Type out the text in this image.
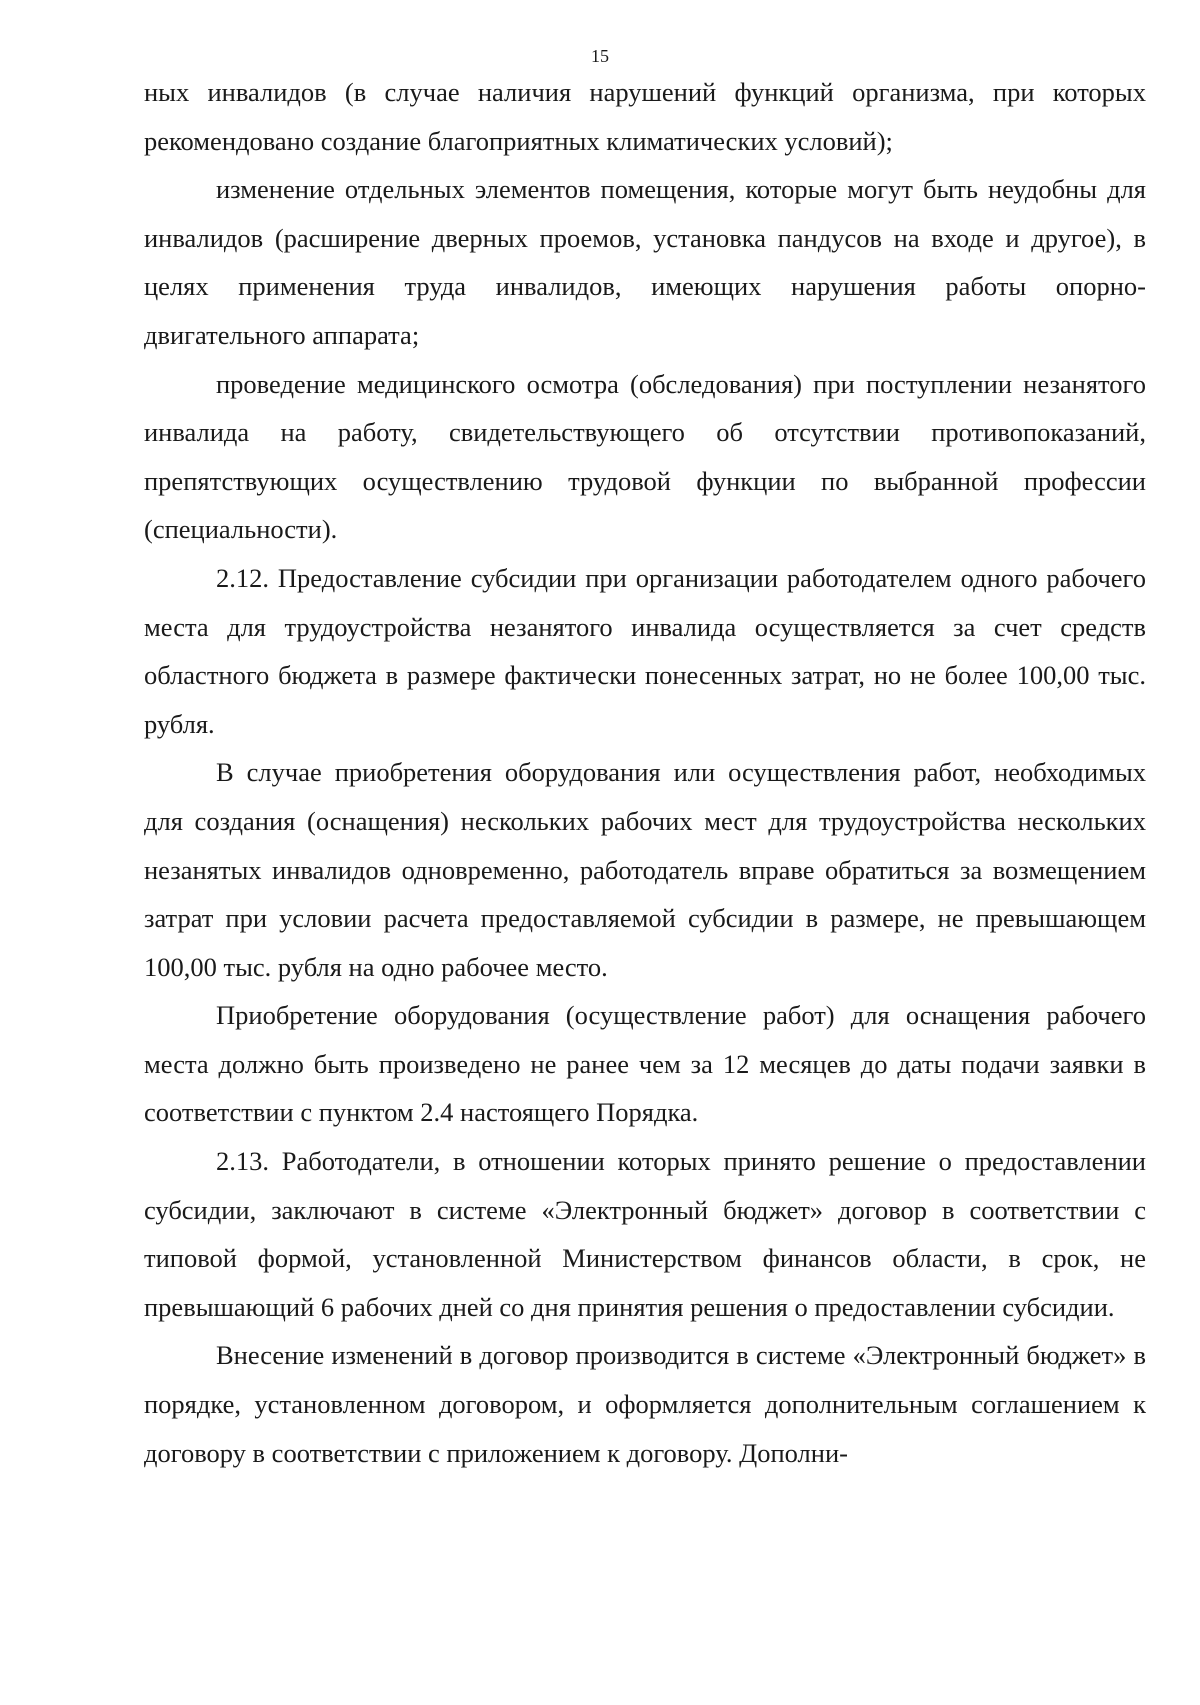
15

ных инвалидов (в случае наличия нарушений функций организма, при которых рекомендовано создание благоприятных климатических условий);

изменение отдельных элементов помещения, которые могут быть неудобны для инвалидов (расширение дверных проемов, установка пандусов на входе и другое), в целях применения труда инвалидов, имеющих нарушения работы опорно-двигательного аппарата;

проведение медицинского осмотра (обследования) при поступлении незанятого инвалида на работу, свидетельствующего об отсутствии противопоказаний, препятствующих осуществлению трудовой функции по выбранной профессии (специальности).

2.12. Предоставление субсидии при организации работодателем одного рабочего места для трудоустройства незанятого инвалида осуществляется за счет средств областного бюджета в размере фактически понесенных затрат, но не более 100,00 тыс. рубля.

В случае приобретения оборудования или осуществления работ, необходимых для создания (оснащения) нескольких рабочих мест для трудоустройства нескольких незанятых инвалидов одновременно, работодатель вправе обратиться за возмещением затрат при условии расчета предоставляемой субсидии в размере, не превышающем 100,00 тыс. рубля на одно рабочее место.

Приобретение оборудования (осуществление работ) для оснащения рабочего места должно быть произведено не ранее чем за 12 месяцев до даты подачи заявки в соответствии с пунктом 2.4 настоящего Порядка.

2.13. Работодатели, в отношении которых принято решение о предоставлении субсидии, заключают в системе «Электронный бюджет» договор в соответствии с типовой формой, установленной Министерством финансов области, в срок, не превышающий 6 рабочих дней со дня принятия решения о предоставлении субсидии.

Внесение изменений в договор производится в системе «Электронный бюджет» в порядке, установленном договором, и оформляется дополнительным соглашением к договору в соответствии с приложением к договору. Дополни-
